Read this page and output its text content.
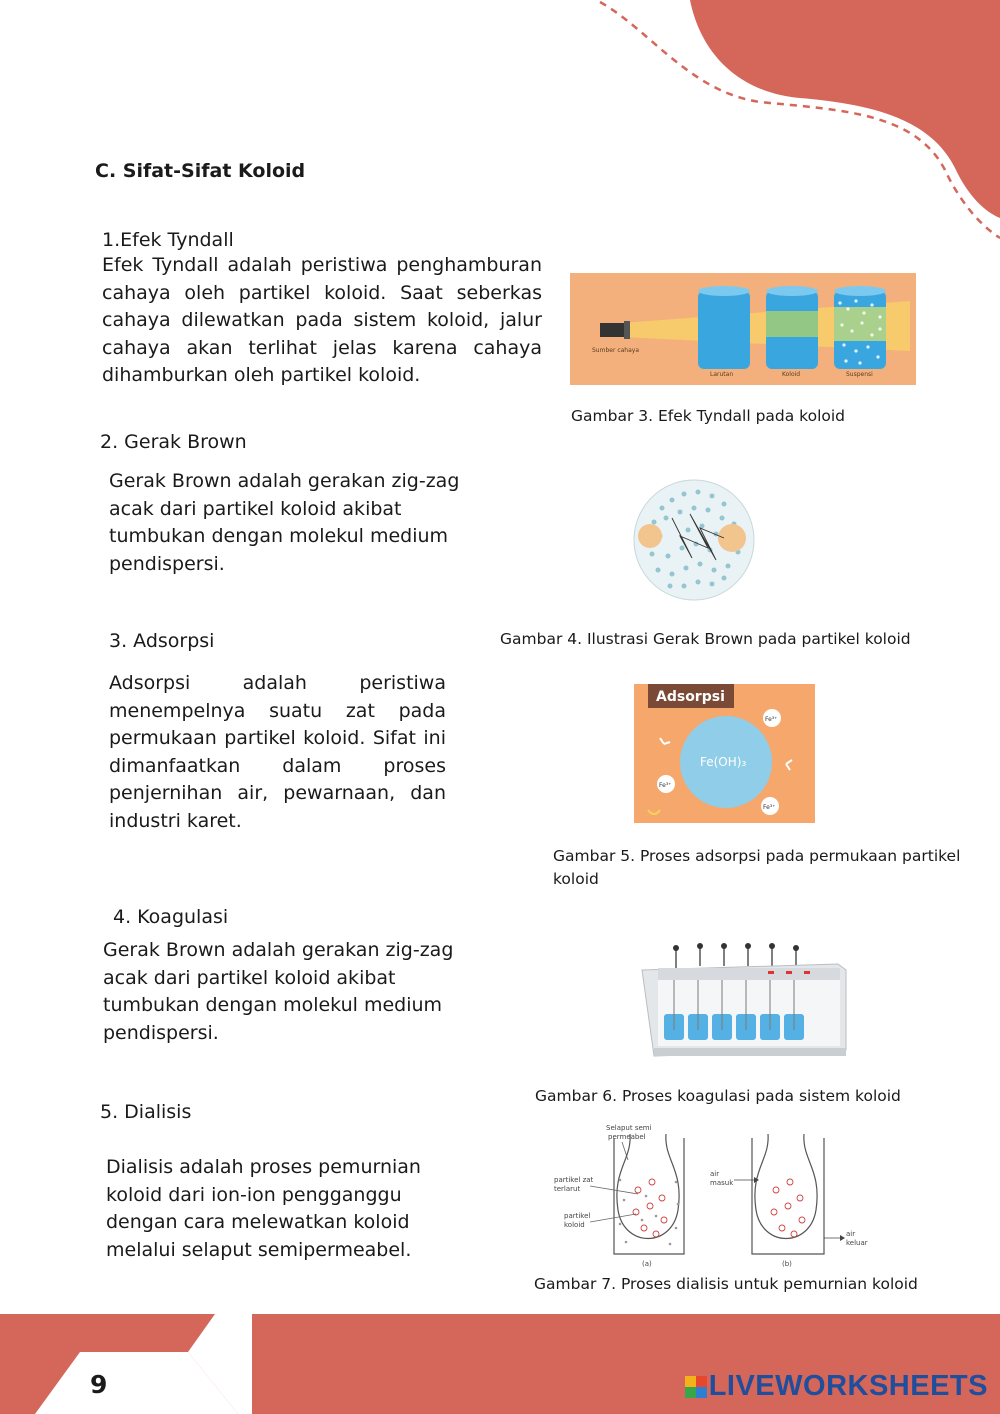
C. Sifat-Sifat Koloid
1.Efek Tyndall
Efek Tyndall adalah peristiwa penghamburan cahaya oleh partikel koloid. Saat seberkas cahaya dilewatkan pada sistem koloid, jalur cahaya akan terlihat jelas karena cahaya dihamburkan oleh partikel koloid.
Sumber cahaya
Larutan	Koloid	Suspensi
Gambar 3. Efek Tyndall pada koloid
2. Gerak Brown
Gerak Brown adalah gerakan zig-zag acak dari partikel koloid akibat tumbukan dengan molekul medium pendispersi.
Gambar 4. Ilustrasi Gerak Brown pada partikel koloid
3. Adsorpsi
Adsorpsi adalah peristiwa menempelnya suatu zat pada permukaan partikel koloid. Sifat ini dimanfaatkan dalam proses penjernihan air, pewarnaan, dan industri karet.
Adsorpsi
Fe(OH)₃
Fe³⁺
Fe³⁺
Fe³⁺
Gambar 5. Proses adsorpsi pada permukaan partikel koloid
4. Koagulasi
Gerak Brown adalah gerakan zig-zag acak dari partikel koloid akibat tumbukan dengan molekul medium pendispersi.
Gambar 6. Proses koagulasi pada sistem koloid
5. Dialisis
Dialisis adalah proses pemurnian koloid dari ion-ion pengganggu dengan cara melewatkan koloid melalui selaput semipermeabel.
Selaput semi
permeabel
partikel zat
terlarut
partikel
koloid
(a)
air
masuk
air
keluar
(b)
Gambar 7. Proses dialisis untuk pemurnian koloid
9	LIVEWORKSHEETS
